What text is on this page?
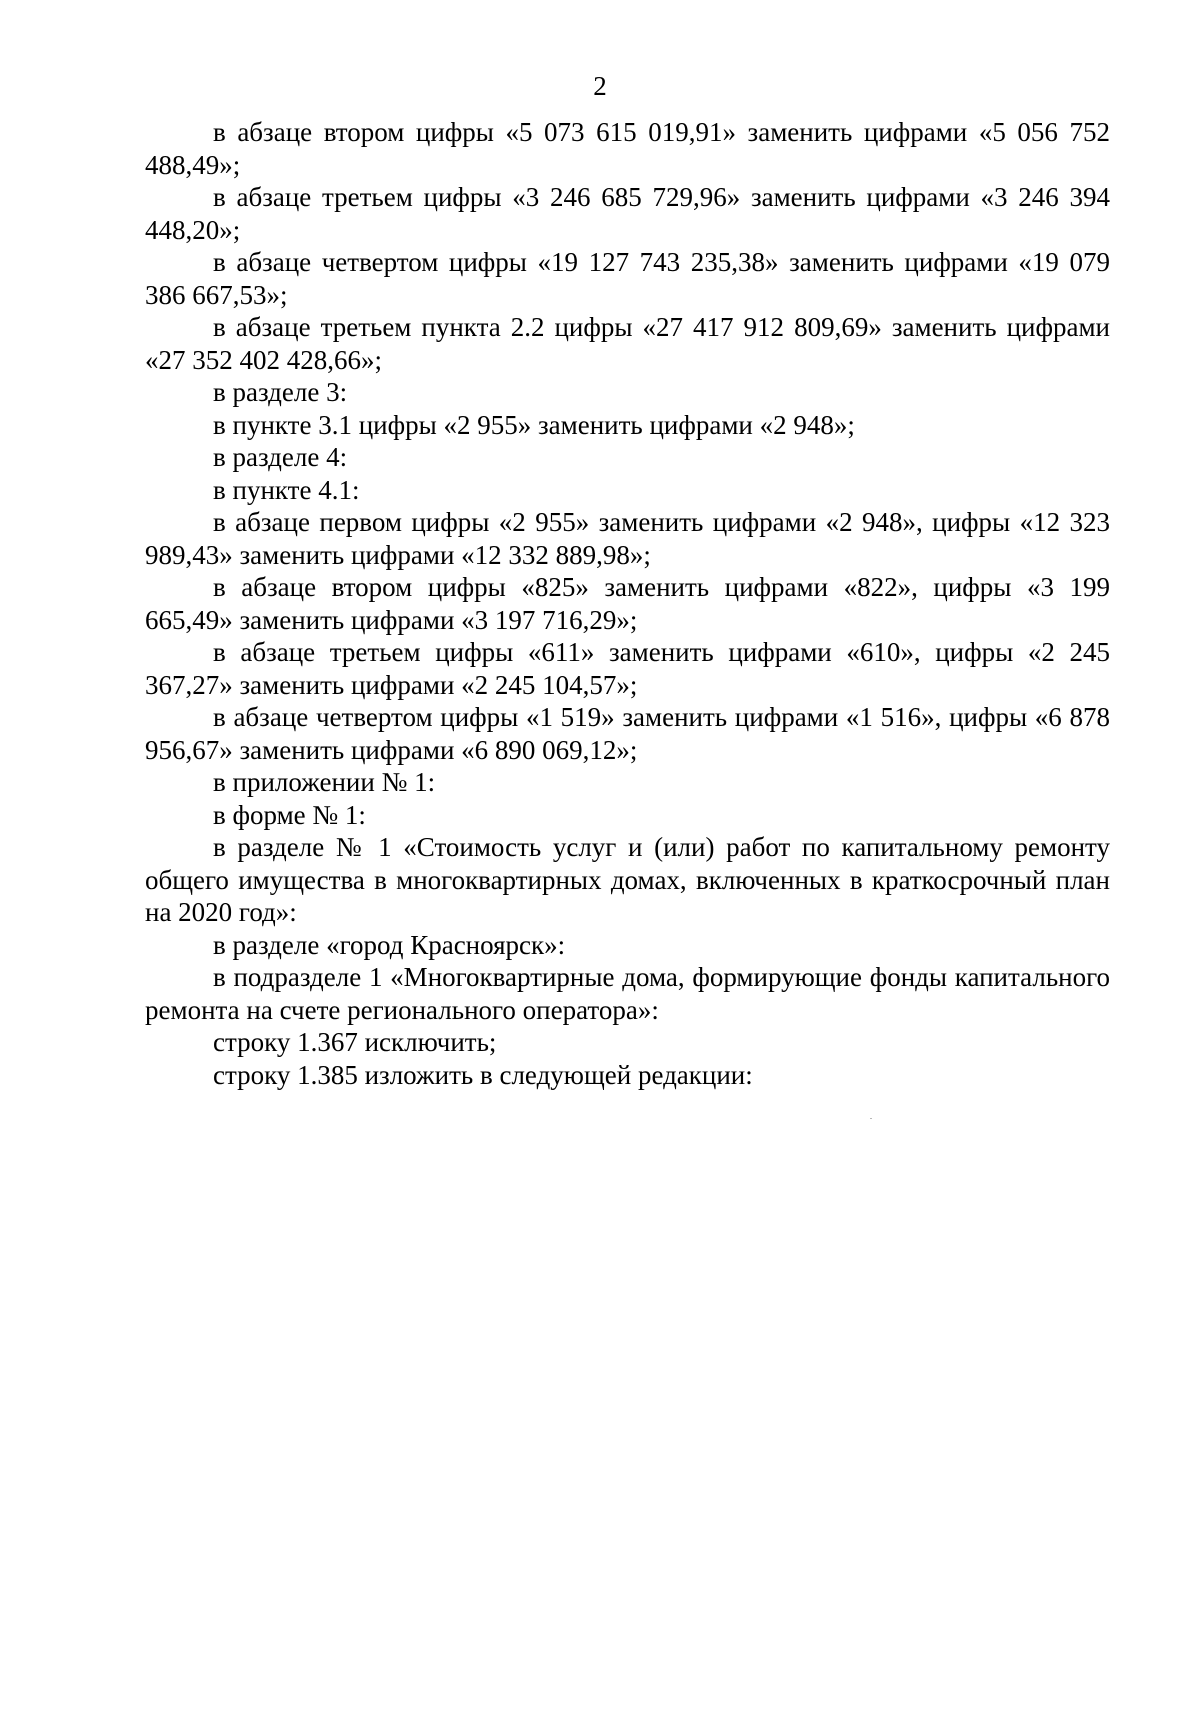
2

в абзаце втором цифры «5 073 615 019,91» заменить цифрами «5 056 752 488,49»;

в абзаце третьем цифры «3 246 685 729,96» заменить цифрами «3 246 394 448,20»;

в абзаце четвертом цифры «19 127 743 235,38» заменить цифрами «19 079 386 667,53»;

в абзаце третьем пункта 2.2 цифры «27 417 912 809,69» заменить цифрами «27 352 402 428,66»;

в разделе 3:

в пункте 3.1 цифры «2 955» заменить цифрами «2 948»;

в разделе 4:

в пункте 4.1:

в абзаце первом цифры «2 955» заменить цифрами «2 948», цифры «12 323 989,43» заменить цифрами «12 332 889,98»;

в абзаце втором цифры «825» заменить цифрами «822», цифры «3 199 665,49» заменить цифрами «3 197 716,29»;

в абзаце третьем цифры «611» заменить цифрами «610», цифры «2 245 367,27» заменить цифрами «2 245 104,57»;

в абзаце четвертом цифры «1 519» заменить цифрами «1 516», цифры «6 878 956,67» заменить цифрами «6 890 069,12»;

в приложении № 1:

в форме № 1:

в разделе № 1 «Стоимость услуг и (или) работ по капитальному ремонту общего имущества в многоквартирных домах, включенных в краткосрочный план на 2020 год»:

в разделе «город Красноярск»:

в подразделе 1 «Многоквартирные дома, формирующие фонды капитального ремонта на счете регионального оператора»:

строку 1.367 исключить;

строку 1.385 изложить в следующей редакции:
